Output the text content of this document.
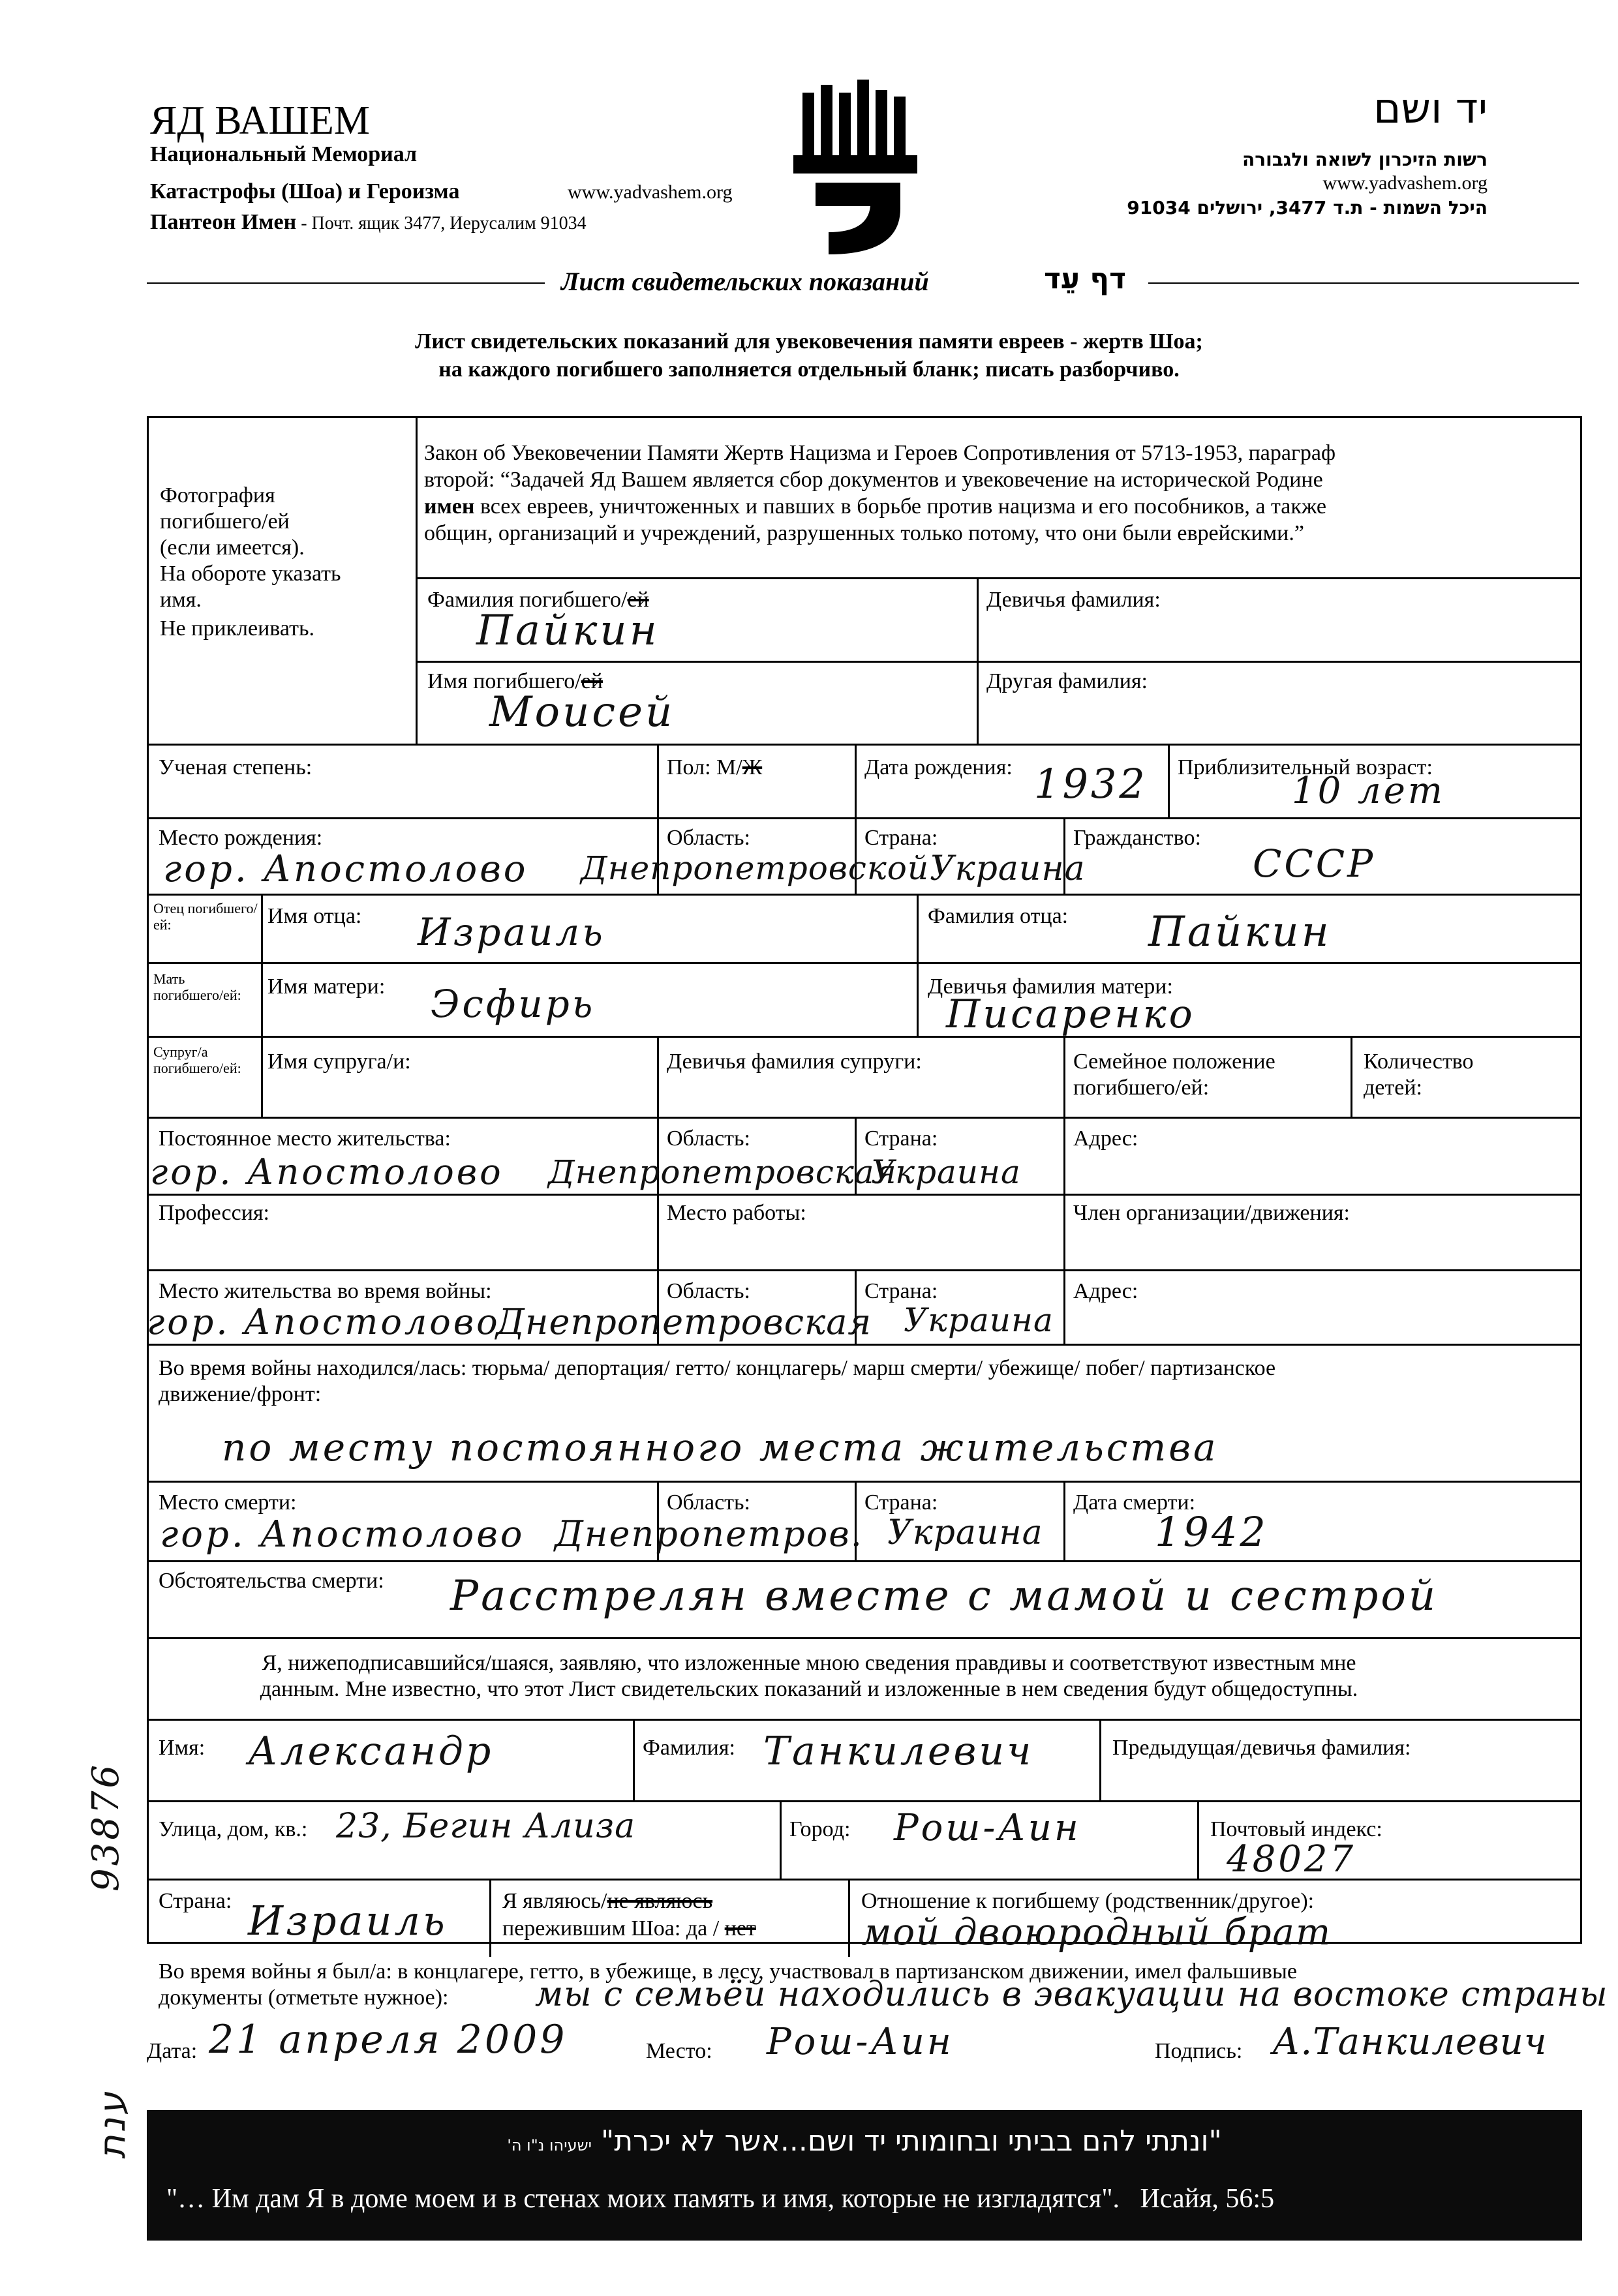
ЯД ВАШЕМ
Национальный Мемориал
Катастрофы (Шоа) и Героизма	www.yadvashem.org
Пантеон Имен - Почт. ящик 3477, Иерусалим 91034
יד ושם
רשות הזיכרון לשואה ולגבורה
www.yadvashem.org
היכל השמות - ת.ד 3477, ירושלים 91034
Лист свидетельских показаний	דף עֵד
Лист свидетельских показаний для увековечения памяти евреев - жертв Шоа;
на каждого погибшего заполняется отдельный бланк; писать разборчиво.
Фотография
погибшего/ей
(если имеется).
На обороте указать
имя.
Не приклеивать.
Закон об Увековечении Памяти Жертв Нацизма и Героев Сопротивления от 5713-1953, параграф
второй: “Задачей Яд Вашем является сбор документов и увековечение на исторической Родине
имен всех евреев, уничтоженных и павших в борьбе против нацизма и его пособников, а также
общин, организаций и учреждений, разрушенных только потому, что они были еврейскими.”
Фамилия погибшего/ей
Пайкин
Девичья фамилия:
Имя погибшего/ей
Моисей
Другая фамилия:
Ученая степень:	Пол: М/Ж	Дата рождения: 1932 Приблизительный возраст:
10 лет
Место рождения:
гор. Апостолово
Область:
Днепропетровской
Страна:
Украина
Гражданство:
СССР
Отец погибшего/ей:	Имя отца: Израиль	Фамилия отца: Пайкин
Мать погибшего/ей:	Имя матери: Эсфирь	Девичья фамилия матери:
Писаренко
Супруг/а погибшего/ей:	Имя супруга/и:	Девичья фамилия супруги:	Семейное положение
погибшего/ей:
Количество
детей:
Постоянное место жительства:
гор. Апостолово
Область:
Днепропетровская
Страна:
Украина
Адрес:
Профессия:	Место работы:	Член организации/движения:
Место жительства во время войны:
гор. Апостолово
Область:
Днепропетровская
Страна:
Украина
Адрес:
Во время войны находился/лась: тюрьма/ депортация/ гетто/ концлагерь/ марш смерти/ убежище/ побег/ партизанское
движение/фронт:
по месту постоянного места жительства
Место смерти:
гор. Апостолово
Область:
Днепропетров.
Страна:
Украина
Дата смерти:
1942
Обстоятельства смерти: Расстрелян вместе с мамой и сестрой
Я, нижеподписавшийся/шаяся, заявляю, что изложенные мною сведения правдивы и соответствуют известным мне
данным. Мне известно, что этот Лист свидетельских показаний и изложенные в нем сведения будут общедоступны.
Имя: Александр	Фамилия: Танкилевич	Предыдущая/девичья фамилия:
Улица, дом, кв.: 23, Бегин Ализа	Город: Рош-Аин	Почтовый индекс:
48027
Страна: Израиль Я являюсь/не являюсь
пережившим Шоа: да / нет
Отношение к погибшему (родственник/другое):
мой двоюродный брат
Во время войны я был/а: в концлагере, гетто, в убежище, в лесу, участвовал в партизанском движении, имел фальшивые
документы (отметьте нужное):	мы с семьёй находились в эвакуации на востоке страны
Дата: 21 апреля 2009	Место: Рош-Аин	Подпись: А.Танкилевич
93876
ענת	"ונתתי להם בביתי ובחומותי יד ושם...אשר לא יכרת" ישעיהו נ"ו ה'
"… Им дам Я в доме моем и в стенах моих память и имя, которые не изгладятся". Исайя, 56:5
